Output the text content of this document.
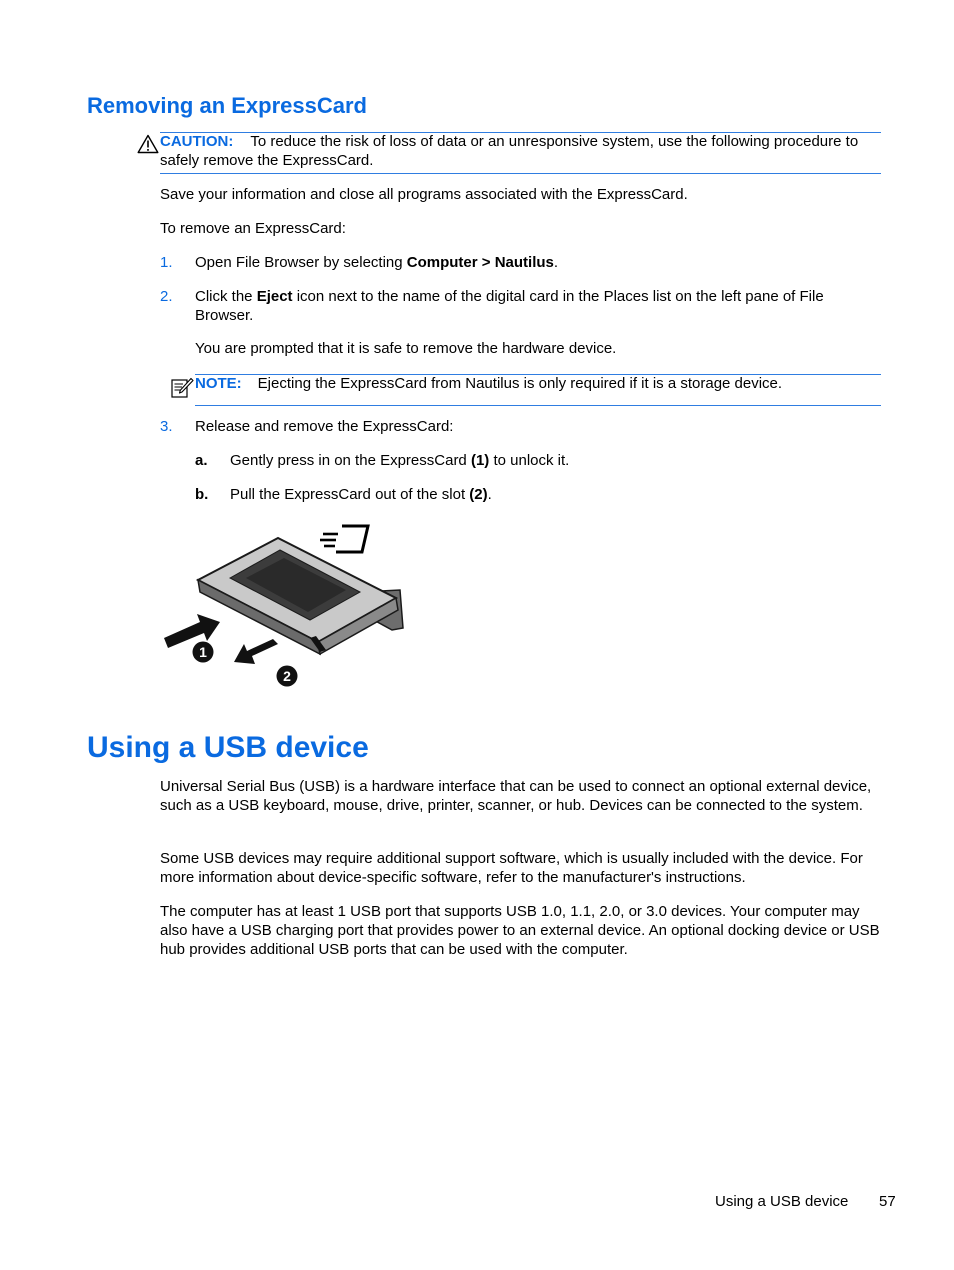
Removing an ExpressCard
CAUTION: To reduce the risk of loss of data or an unresponsive system, use the following procedure to safely remove the ExpressCard.
Save your information and close all programs associated with the ExpressCard.
To remove an ExpressCard:
1. Open File Browser by selecting Computer > Nautilus.
2. Click the Eject icon next to the name of the digital card in the Places list on the left pane of File Browser.
You are prompted that it is safe to remove the hardware device.
NOTE: Ejecting the ExpressCard from Nautilus is only required if it is a storage device.
3. Release and remove the ExpressCard:
a. Gently press in on the ExpressCard (1) to unlock it.
b. Pull the ExpressCard out of the slot (2).
1
2
Using a USB device
Universal Serial Bus (USB) is a hardware interface that can be used to connect an optional external device, such as a USB keyboard, mouse, drive, printer, scanner, or hub. Devices can be connected to the system.
Some USB devices may require additional support software, which is usually included with the device. For more information about device-specific software, refer to the manufacturer's instructions.
The computer has at least 1 USB port that supports USB 1.0, 1.1, 2.0, or 3.0 devices. Your computer may also have a USB charging port that provides power to an external device. An optional docking device or USB hub provides additional USB ports that can be used with the computer.
Using a USB device 57
